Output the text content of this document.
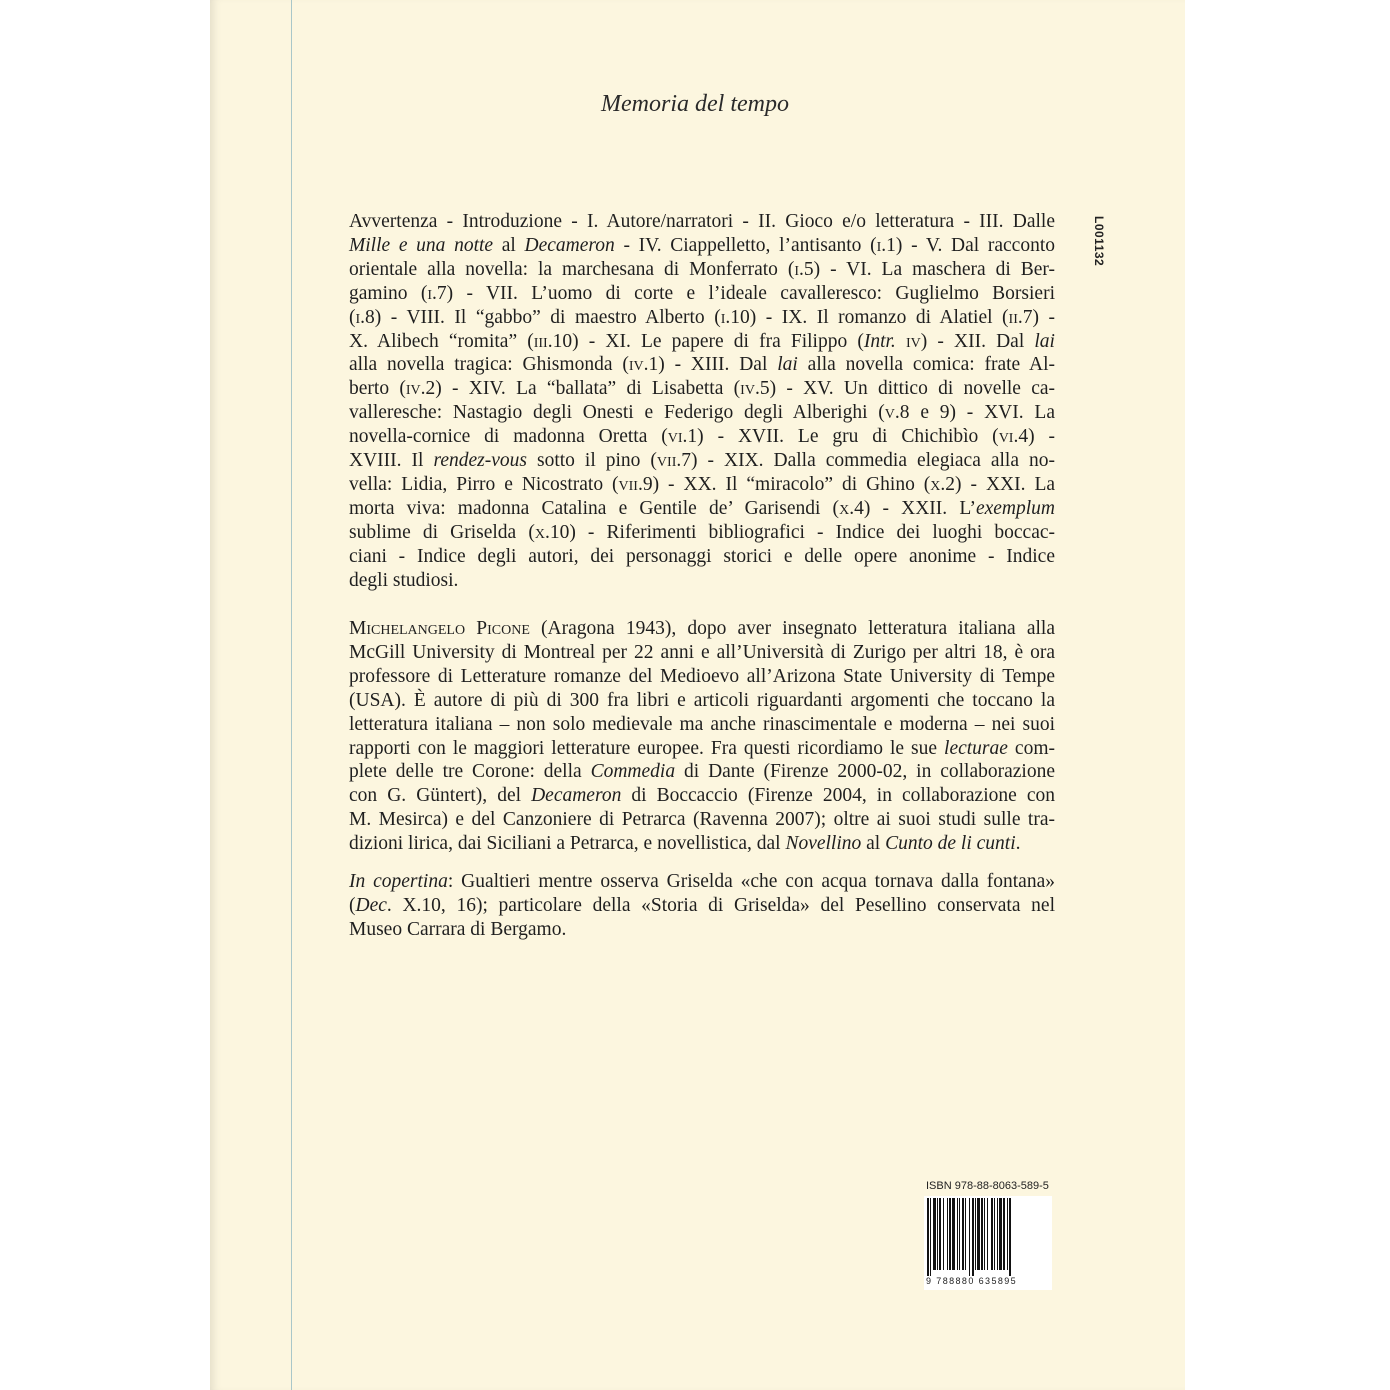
Memoria del tempo
L001132
Avvertenza - Introduzione - I. Autore/narratori - II. Gioco e/o letteratura - III. Dalle
Mille e una notte al Decameron - IV. Ciappelletto, l’antisanto (i.1) - V. Dal racconto
orientale alla novella: la marchesana di Monferrato (i.5) - VI. La maschera di Ber-
gamino (i.7) - VII. L’uomo di corte e l’ideale cavalleresco: Guglielmo Borsieri
(i.8) - VIII. Il “gabbo” di maestro Alberto (i.10) - IX. Il romanzo di Alatiel (ii.7) -
X. Alibech “romita” (iii.10) - XI. Le papere di fra Filippo (Intr. iv) - XII. Dal lai
alla novella tragica: Ghismonda (iv.1) - XIII. Dal lai alla novella comica: frate Al-
berto (iv.2) - XIV. La “ballata” di Lisabetta (iv.5) - XV. Un dittico di novelle ca-
valleresche: Nastagio degli Onesti e Federigo degli Alberighi (v.8 e 9) - XVI. La
novella-cornice di madonna Oretta (vi.1) - XVII. Le gru di Chichibìo (vi.4) -
XVIII. Il rendez-vous sotto il pino (vii.7) - XIX. Dalla commedia elegiaca alla no-
vella: Lidia, Pirro e Nicostrato (vii.9) - XX. Il “miracolo” di Ghino (x.2) - XXI. La
morta viva: madonna Catalina e Gentile de’ Garisendi (x.4) - XXII. L’exemplum
sublime di Griselda (x.10) - Riferimenti bibliografici - Indice dei luoghi boccac-
ciani - Indice degli autori, dei personaggi storici e delle opere anonime - Indice
degli studiosi.
Michelangelo Picone (Aragona 1943), dopo aver insegnato letteratura italiana alla
McGill University di Montreal per 22 anni e all’Università di Zurigo per altri 18, è ora
professore di Letterature romanze del Medioevo all’Arizona State University di Tempe
(USA). È autore di più di 300 fra libri e articoli riguardanti argomenti che toccano la
letteratura italiana – non solo medievale ma anche rinascimentale e moderna – nei suoi
rapporti con le maggiori letterature europee. Fra questi ricordiamo le sue lecturae com-
plete delle tre Corone: della Commedia di Dante (Firenze 2000-02, in collaborazione
con G. Güntert), del Decameron di Boccaccio (Firenze 2004, in collaborazione con
M. Mesirca) e del Canzoniere di Petrarca (Ravenna 2007); oltre ai suoi studi sulle tra-
dizioni lirica, dai Siciliani a Petrarca, e novellistica, dal Novellino al Cunto de li cunti.
In copertina: Gualtieri mentre osserva Griselda «che con acqua tornava dalla fontana»
(Dec. X.10, 16); particolare della «Storia di Griselda» del Pesellino conservata nel
Museo Carrara di Bergamo.
ISBN 978-88-8063-589-5
9 788880 635895
